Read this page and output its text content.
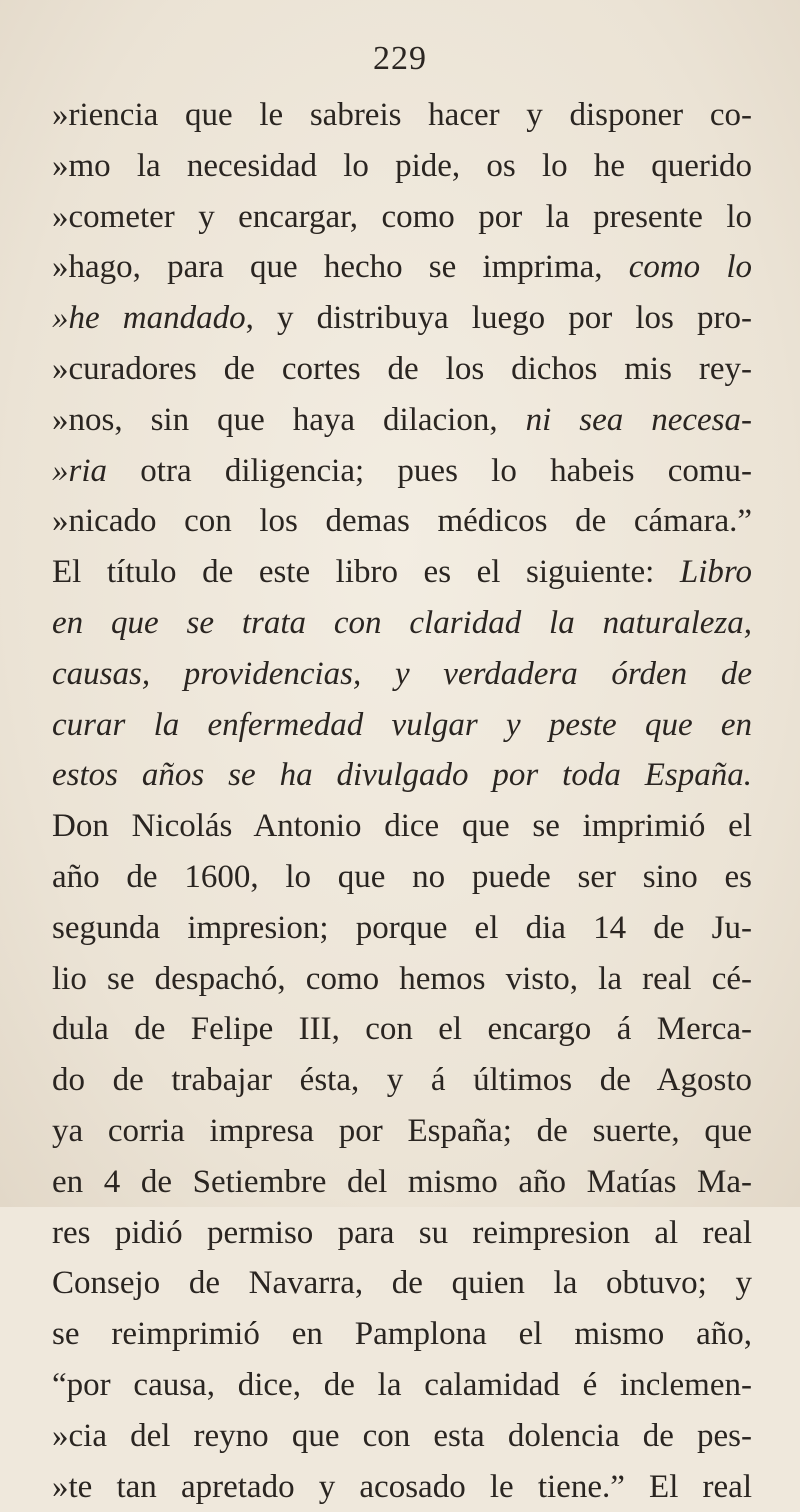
229
»riencia que le sabreis hacer y disponer co-
»mo la necesidad lo pide, os lo he querido
»cometer y encargar, como por la presente lo
»hago, para que hecho se imprima, como lo
»he mandado, y distribuya luego por los pro-
»curadores de cortes de los dichos mis rey-
»nos, sin que haya dilacion, ni sea necesa-
»ria otra diligencia; pues lo habeis comu-
»nicado con los demas médicos de cámara.”
El título de este libro es el siguiente: Libro
en que se trata con claridad la naturaleza,
causas, providencias, y verdadera órden de
curar la enfermedad vulgar y peste que en
estos años se ha divulgado por toda España.
Don Nicolás Antonio dice que se imprimió el
año de 1600, lo que no puede ser sino es
segunda impresion; porque el dia 14 de Ju-
lio se despachó, como hemos visto, la real cé-
dula de Felipe III, con el encargo á Merca-
do de trabajar ésta, y á últimos de Agosto
ya corria impresa por España; de suerte, que
en 4 de Setiembre del mismo año Matías Ma-
res pidió permiso para su reimpresion al real
Consejo de Navarra, de quien la obtuvo; y
se reimprimió en Pamplona el mismo año,
“por causa, dice, de la calamidad é inclemen-
»cia del reyno que con esta dolencia de pes-
»te tan apretado y acosado le tiene.” El real
